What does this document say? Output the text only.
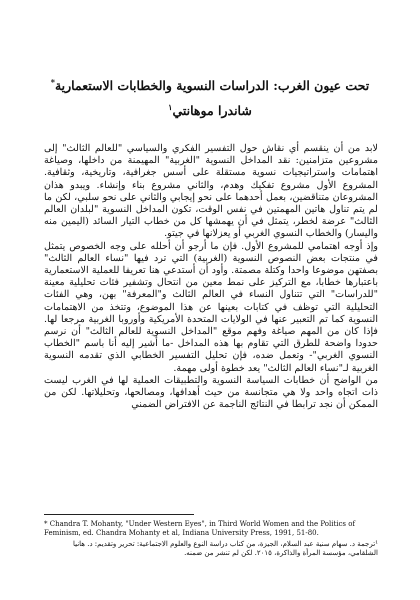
تحت عيون الغرب: الدراسات النسوية والخطابات الاستعمارية*
شاندرا موهانتي$^١$

لابد من أن ينقسم أي نقاش حول التفسير الفكري والسياسي "للعالم الثالث" إلى مشروعين متزامنين: نقد المداخل النسوية "الغربية" المهيمنة من داخلها، وصياغة اهتمامات واستراتيجيات نسوية مستقلة على أسس جغرافية، وتاريخية، وثقافية. المشروع الأول مشروع تفكيك وهدم، والثاني مشروع بناء وإنشاء. ويبدو هذان المشروعان متناقضين، بعمل أحدهما على نحو إيجابي والثاني على نحو سلبي، لكن ما لم يتم تناول هاتين المهمتين في نفس الوقت، تكون المداخل النسوية "لبلدان العالم الثالث" عرضة لخطر، يتمثل في أن يهمشها كل من خطاب التيار السائد (اليمين منه واليسار) والخطاب النسوي الغربي أو يعزلانها في جيتو.

وإذ أوجه اهتمامي للمشروع الأول. فإن ما أرجو أن أحلله على وجه الخصوص يتمثل في منتجات بعض النصوص النسوية (الغربية) التي ترد فيها "نساء العالم الثالث" بصفتهن موضوعا واحدا وكتلة مصمتة. وأود أن أستدعي هنا تعريفا للعملية الاستعمارية باعتبارها خطابا، مع التركيز على نمط معين من انتحال وتشفير فئات تحليلية معينة "للدراسات" التي تتناول النساء في العالم الثالث و"المعرفة" بهن، وهي الفئات التحليلية التي توظف في كتابات بعينها عن هذا الموضوع، وتتخذ من الاهتمامات النسوية كما تم التعبير عنها في الولايات المتحدة الأمريكية وأوروبا الغربية مرجعا لها. فإذا كان من المهم صياغة وفهم موقع "المداخل النسوية للعالم الثالث" أن نرسم حدودا واضحة للطرق التي تقاوم بها هذه المداخل -ما أشير إليه أنا باسم "الخطاب النسوي الغربي"- وتعمل ضده، فإن تحليل التفسير الخطابي الذي تقدمه النسوية الغربية لـ"نساء العالم الثالث" يعد خطوة أولى مهمة.

من الواضح أن خطابات السياسة النسوية والتطبيقات العملية لها في الغرب ليست ذات اتجاه واحد ولا هي متجانسة من حيث أهدافها، ومصالحها، وتحليلاتها. لكن من الممكن أن نجد ترابطا في النتائج الناجمة عن الافتراض الضمني

* Chandra T. Mohanty, "Under Western Eyes", in Third World Women and the Politics of Feminism, ed. Chandra Mohanty et al, Indiana University Press, 1991, 51-80.
¹ترجمة د. سهام سنية عبد السلام، الجيزة، من كتاب دراسة النوع والعلوم الاجتماعية: تحرير وتقديم: د. هانيا الشلقامي، مؤسسة المرأة والذاكرة، ٢٠١٥. لكن لم تنشر من ضمنه.
